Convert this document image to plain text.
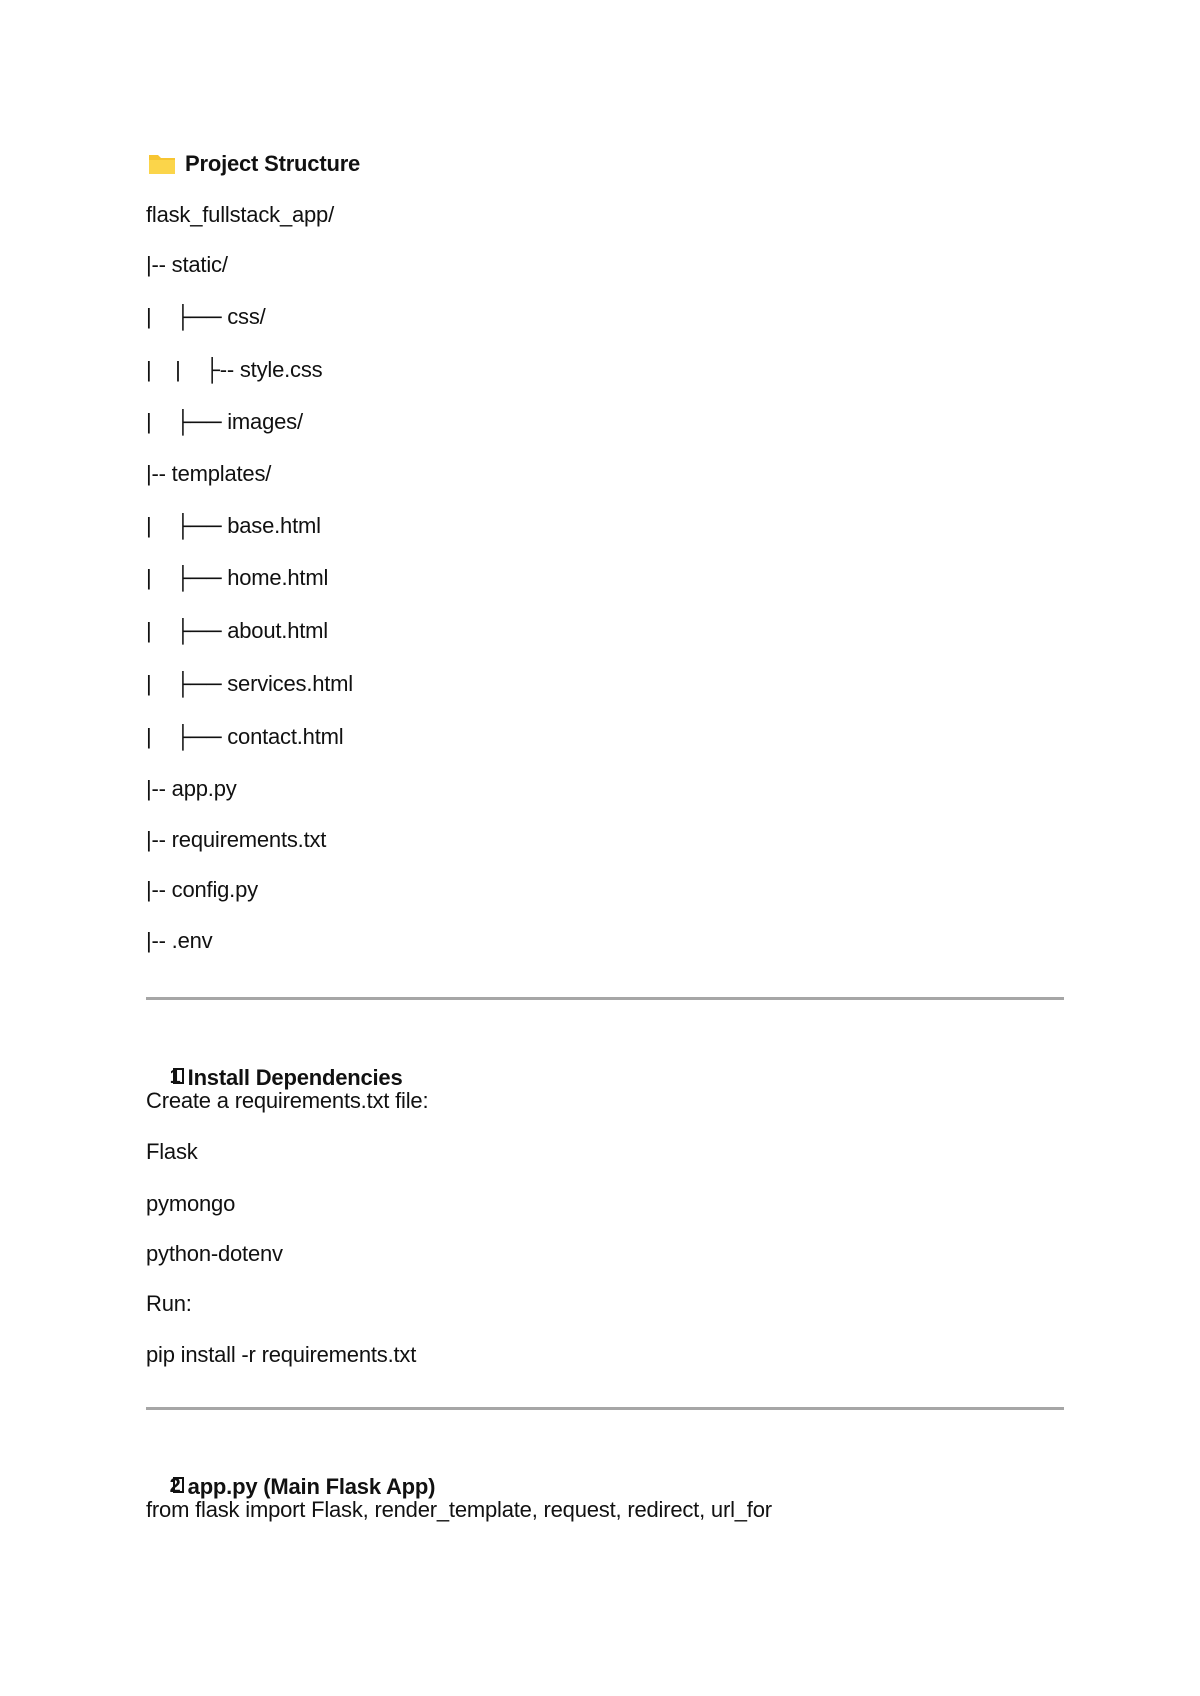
Project Structure
flask_fullstack_app/
|-- static/
|    ├── css/
|    |    ├-- style.css
|    ├── images/
|-- templates/
|    ├── base.html
|    ├── home.html
|    ├── about.html
|    ├── services.html
|    ├── contact.html
|-- app.py
|-- requirements.txt
|-- config.py
|-- .env

1 Install Dependencies

Create a requirements.txt file:
Flask
pymongo
python-dotenv
Run:
pip install -r requirements.txt

2 app.py (Main Flask App)

from flask import Flask, render_template, request, redirect, url_for
